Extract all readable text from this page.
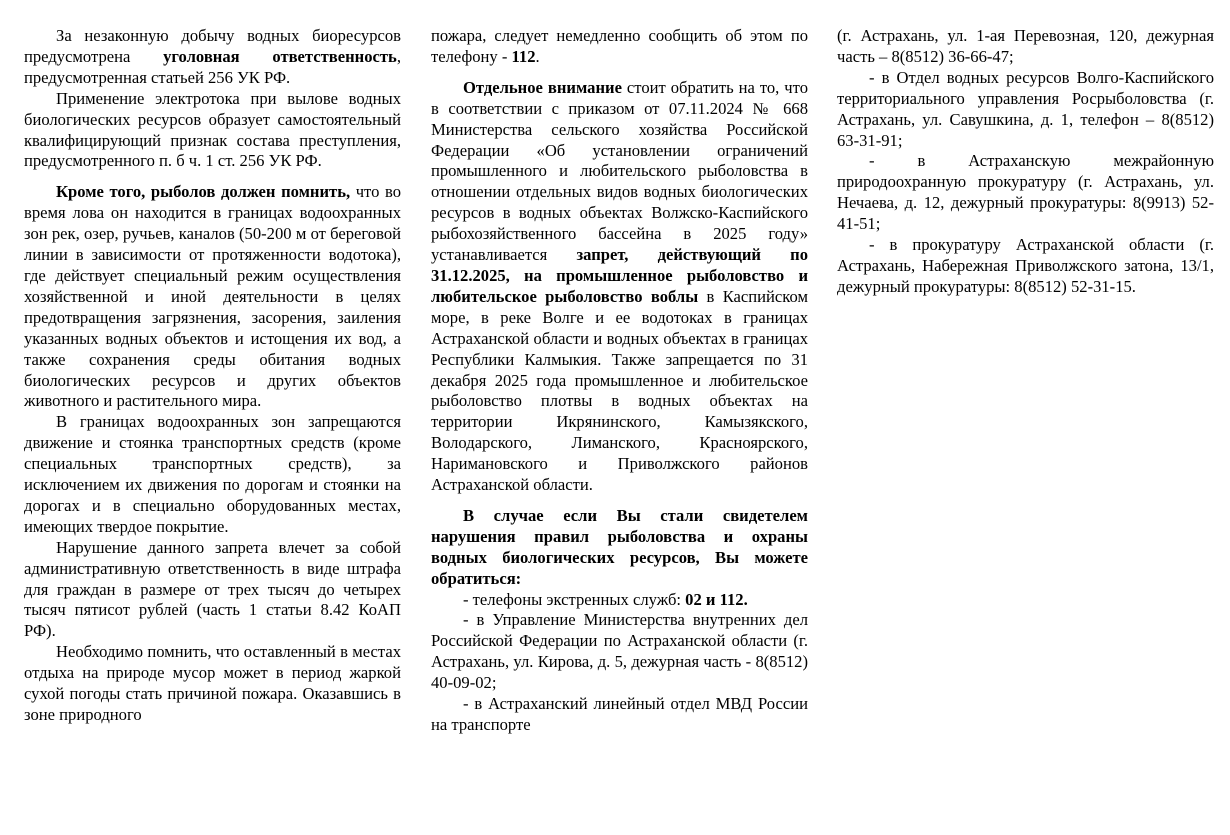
За незаконную добычу водных биоресурсов предусмотрена уголовная ответственность, предусмотренная статьей 256 УК РФ.

Применение электротока при вылове водных биологических ресурсов образует самостоятельный квалифицирующий признак состава преступления, предусмотренного п. б ч. 1 ст. 256 УК РФ.

Кроме того, рыболов должен помнить, что во время лова он находится в границах водоохранных зон рек, озер, ручьев, каналов (50-200 м от береговой линии в зависимости от протяженности водотока), где действует специальный режим осуществления хозяйственной и иной деятельности в целях предотвращения загрязнения, засорения, заиления указанных водных объектов и истощения их вод, а также сохранения среды обитания водных биологических ресурсов и других объектов животного и растительного мира.

В границах водоохранных зон запрещаются движение и стоянка транспортных средств (кроме специальных транспортных средств), за исключением их движения по дорогам и стоянки на дорогах и в специально оборудованных местах, имеющих твердое покрытие.

Нарушение данного запрета влечет за собой административную ответственность в виде штрафа для граждан в размере от трех тысяч до четырех тысяч пятисот рублей (часть 1 статьи 8.42 КоАП РФ).

Необходимо помнить, что оставленный в местах отдыха на природе мусор может в период жаркой сухой погоды стать причиной пожара. Оказавшись в зоне природного

пожара, следует немедленно сообщить об этом по телефону - 112.

Отдельное внимание стоит обратить на то, что в соответствии с приказом от 07.11.2024 № 668 Министерства сельского хозяйства Российской Федерации «Об установлении ограничений промышленного и любительского рыболовства в отношении отдельных видов водных биологических ресурсов в водных объектах Волжско-Каспийского рыбохозяйственного бассейна в 2025 году» устанавливается запрет, действующий по 31.12.2025, на промышленное рыболовство и любительское рыболовство воблы в Каспийском море, в реке Волге и ее водотоках в границах Астраханской области и водных объектах в границах Республики Калмыкия. Также запрещается по 31 декабря 2025 года промышленное и любительское рыболовство плотвы в водных объектах на территории Икрянинского, Камызякского, Володарского, Лиманского, Красноярского, Наримановского и Приволжского районов Астраханской области.

В случае если Вы стали свидетелем нарушения правил рыболовства и охраны водных биологических ресурсов, Вы можете обратиться:

- телефоны экстренных служб: 02 и 112.

- в Управление Министерства внутренних дел Российской Федерации по Астраханской области (г. Астрахань, ул. Кирова, д. 5, дежурная часть - 8(8512) 40-09-02;

- в Астраханский линейный отдел МВД России на транспорте

(г. Астрахань, ул. 1-ая Перевозная, 120, дежурная часть – 8(8512) 36-66-47;

- в Отдел водных ресурсов Волго-Каспийского территориального управления Росрыболовства (г. Астрахань, ул. Савушкина, д. 1, телефон – 8(8512) 63-31-91;

- в Астраханскую межрайонную природоохранную прокуратуру (г. Астрахань, ул. Нечаева, д. 12, дежурный прокуратуры: 8(9913) 52-41-51;

- в прокуратуру Астраханской области (г. Астрахань, Набережная Приволжского затона, 13/1, дежурный прокуратуры: 8(8512) 52-31-15.
